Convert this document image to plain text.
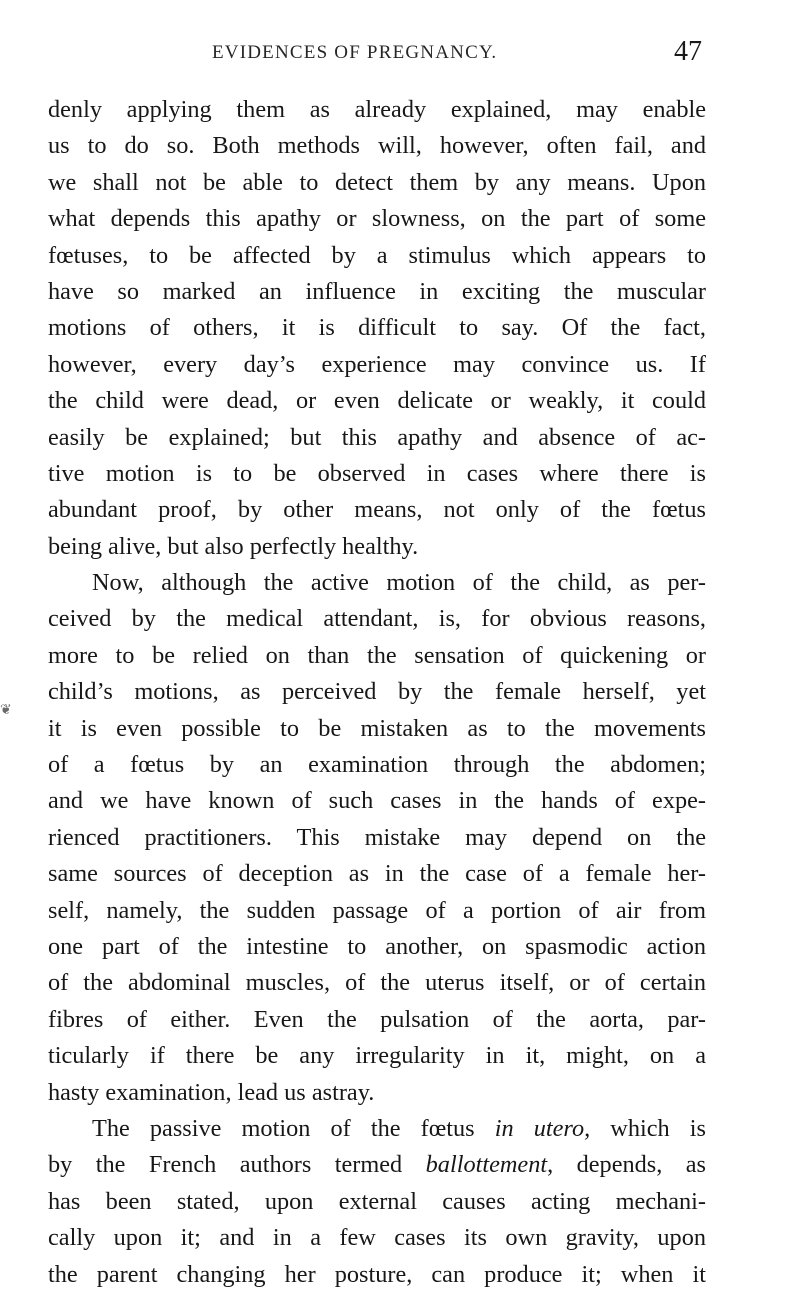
EVIDENCES OF PREGNANCY.	47
❦
denly applying them as already explained, may enable
us to do so. Both methods will, however, often fail, and
we shall not be able to detect them by any means. Upon
what depends this apathy or slowness, on the part of some
fœtuses, to be affected by a stimulus which appears to
have so marked an influence in exciting the muscular
motions of others, it is difficult to say. Of the fact,
however, every day’s experience may convince us. If
the child were dead, or even delicate or weakly, it could
easily be explained; but this apathy and absence of ac-
tive motion is to be observed in cases where there is
abundant proof, by other means, not only of the fœtus
being alive, but also perfectly healthy.
Now, although the active motion of the child, as per-
ceived by the medical attendant, is, for obvious reasons,
more to be relied on than the sensation of quickening or
child’s motions, as perceived by the female herself, yet
it is even possible to be mistaken as to the movements
of a fœtus by an examination through the abdomen;
and we have known of such cases in the hands of expe-
rienced practitioners. This mistake may depend on the
same sources of deception as in the case of a female her-
self, namely, the sudden passage of a portion of air from
one part of the intestine to another, on spasmodic action
of the abdominal muscles, of the uterus itself, or of certain
fibres of either. Even the pulsation of the aorta, par-
ticularly if there be any irregularity in it, might, on a
hasty examination, lead us astray.
The passive motion of the fœtus in utero, which is
by the French authors termed ballottement, depends, as
has been stated, upon external causes acting mechani-
cally upon it; and in a few cases its own gravity, upon
the parent changing her posture, can produce it; when it
